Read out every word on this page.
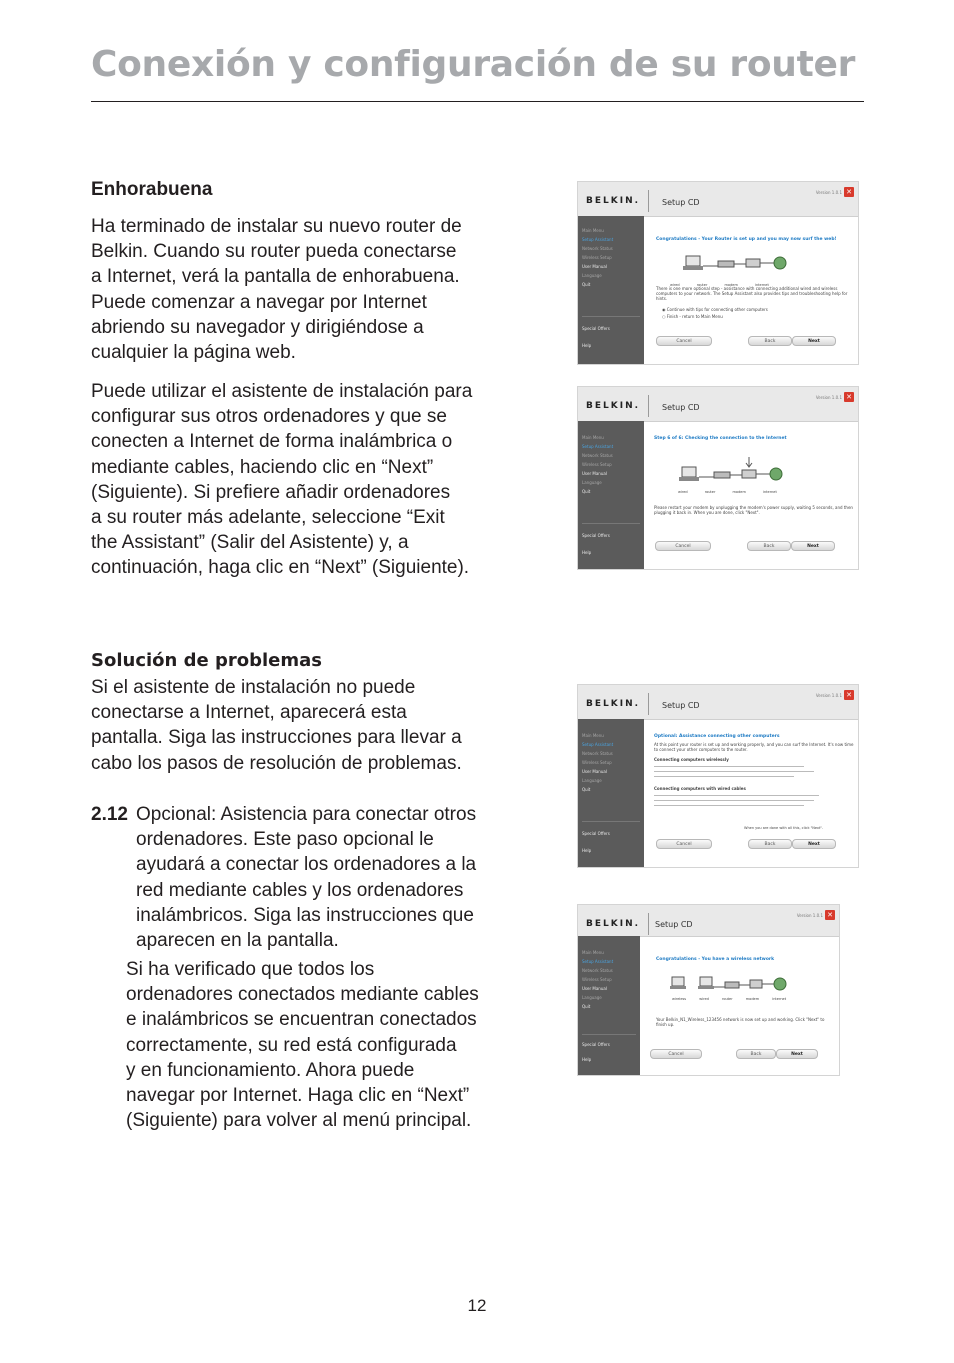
Conexión y configuración de su router
Enhorabuena

Ha terminado de instalar su nuevo router de

Belkin. Cuando su router pueda conectarse

a Internet, verá la pantalla de enhorabuena.

Puede comenzar a navegar por Internet

abriendo su navegador y dirigiéndose a

cualquier la página web.

Puede utilizar el asistente de instalación para

configurar sus otros ordenadores y que se

conecten a Internet de forma inalámbrica o

mediante cables, haciendo clic en “Next”

(Siguiente). Si prefiere añadir ordenadores

a su router más adelante, seleccione “Exit

the Assistant” (Salir del Asistente) y, a

continuación, haga clic en “Next” (Siguiente).

Solución de problemas

Si el asistente de instalación no puede

conectarse a Internet, aparecerá esta

pantalla. Siga las instrucciones para llevar a

cabo los pasos de resolución de problemas.

2.12 Opcional: Asistencia para conectar otros

ordenadores. Este paso opcional le

ayudará a conectar los ordenadores a la

red mediante cables y los ordenadores

inalámbricos. Siga las instrucciones que

aparecen en la pantalla.

Si ha verificado que todos los

ordenadores conectados mediante cables

e inalámbricos se encuentran conectados

correctamente, su red está configurada

y en funcionamiento. Ahora puede

navegar por Internet. Haga clic en “Next”

(Siguiente) para volver al menú principal.

BELKIN.	Setup CD
Version 1.0.1 ✕
Main Menu
Setup Assistant
Network Status
Wireless Setup
User Manual
Language
Quit
Special Offers
Help
Congratulations - Your Router is set up and you may now surf the web!
wired	router	modem	internet
There is one more optional step - assistance with connecting additional wired and wireless computers to your network. The Setup Assistant also provides tips and troubleshooting help for hints.
◉ Continue with tips for connecting other computers
○ Finish - return to Main Menu
Cancel	Back	Next
BELKIN.	Setup CD
Version 1.0.1 ✕
Main Menu
Setup Assistant
Network Status
Wireless Setup
User Manual
Language
Quit
Special Offers
Help
Step 6 of 6: Checking the connection to the Internet
wired	router	modem	internet
Please restart your modem by unplugging the modem's power supply, waiting 5 seconds, and then plugging it back in. When you are done, click "Next".
Cancel	Back	Next
BELKIN.	Setup CD
Version 1.0.1 ✕
Main Menu
Setup Assistant
Network Status
Wireless Setup
User Manual
Language
Quit
Special Offers
Help
Optional: Assistance connecting other computers
At this point your router is set up and working properly, and you can surf the Internet. It's now time to connect your other computers to the router.
Connecting computers wirelessly
Connecting computers with wired cables
When you are done with all this, click "Next".
Cancel	Back	Next
BELKIN. Setup CD
Version 1.0.1 ✕
Main Menu
Setup Assistant
Network Status
Wireless Setup
User Manual
Language
Quit
Special Offers
Help
Congratulations - You have a wireless network
wireless	wired	router	modem	internet
Your Belkin_N1_Wireless_123456 network is now set up and working. Click "Next" to finish up.
Cancel	Back	Next
12
